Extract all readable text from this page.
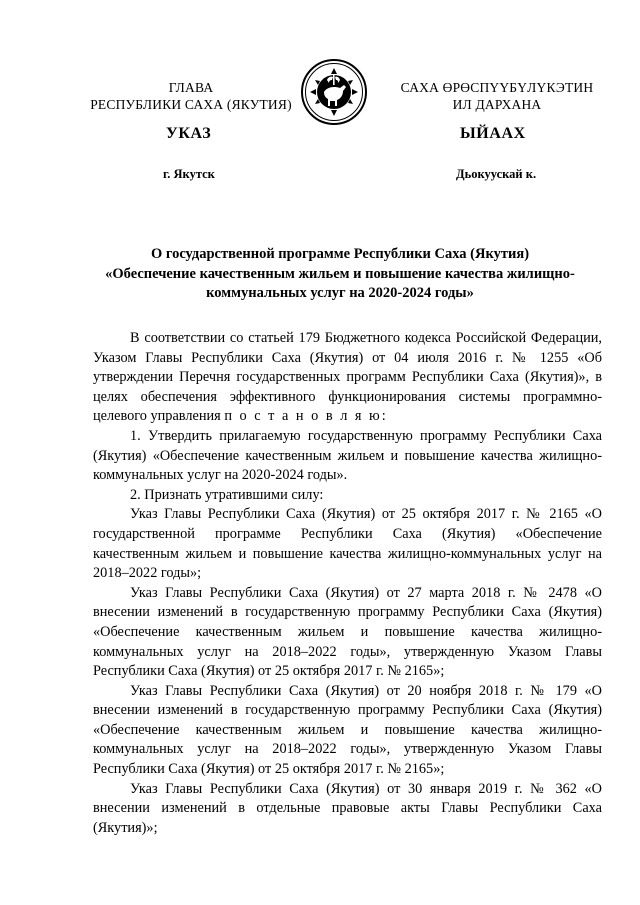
ГЛАВА
РЕСПУБЛИКИ САХА (ЯКУТИЯ)
САХА ӨРӨСПҮҮБҮЛҮКЭТИН
ИЛ ДАРХАНА
УКАЗ	ЫЙААХ
г. Якутск	Дьокуускай к.
О государственной программе Республики Саха (Якутия)
«Обеспечение качественным жильем и повышение качества жилищно-
коммунальных услуг на 2020-2024 годы»

В соответствии со статьей 179 Бюджетного кодекса Российской Федерации, Указом Главы Республики Саха (Якутия) от 04 июля 2016 г. № 1255 «Об утверждении Перечня государственных программ Республики Саха (Якутия)», в целях обеспечения эффективного функционирования системы программно-целевого управления п о с т а н о в л я ю:

1. Утвердить прилагаемую государственную программу Республики Саха (Якутия) «Обеспечение качественным жильем и повышение качества жилищно-коммунальных услуг на 2020-2024 годы».

2. Признать утратившими силу:

Указ Главы Республики Саха (Якутия) от 25 октября 2017 г. № 2165 «О государственной программе Республики Саха (Якутия) «Обеспечение качественным жильем и повышение качества жилищно-коммунальных услуг на 2018–2022 годы»;

Указ Главы Республики Саха (Якутия) от 27 марта 2018 г. № 2478 «О внесении изменений в государственную программу Республики Саха (Якутия) «Обеспечение качественным жильем и повышение качества жилищно-коммунальных услуг на 2018–2022 годы», утвержденную Указом Главы Республики Саха (Якутия) от 25 октября 2017 г. № 2165»;

Указ Главы Республики Саха (Якутия) от 20 ноября 2018 г. № 179 «О внесении изменений в государственную программу Республики Саха (Якутия) «Обеспечение качественным жильем и повышение качества жилищно-коммунальных услуг на 2018–2022 годы», утвержденную Указом Главы Республики Саха (Якутия) от 25 октября 2017 г. № 2165»;

Указ Главы Республики Саха (Якутия) от 30 января 2019 г. № 362 «О внесении изменений в отдельные правовые акты Главы Республики Саха (Якутия)»;
